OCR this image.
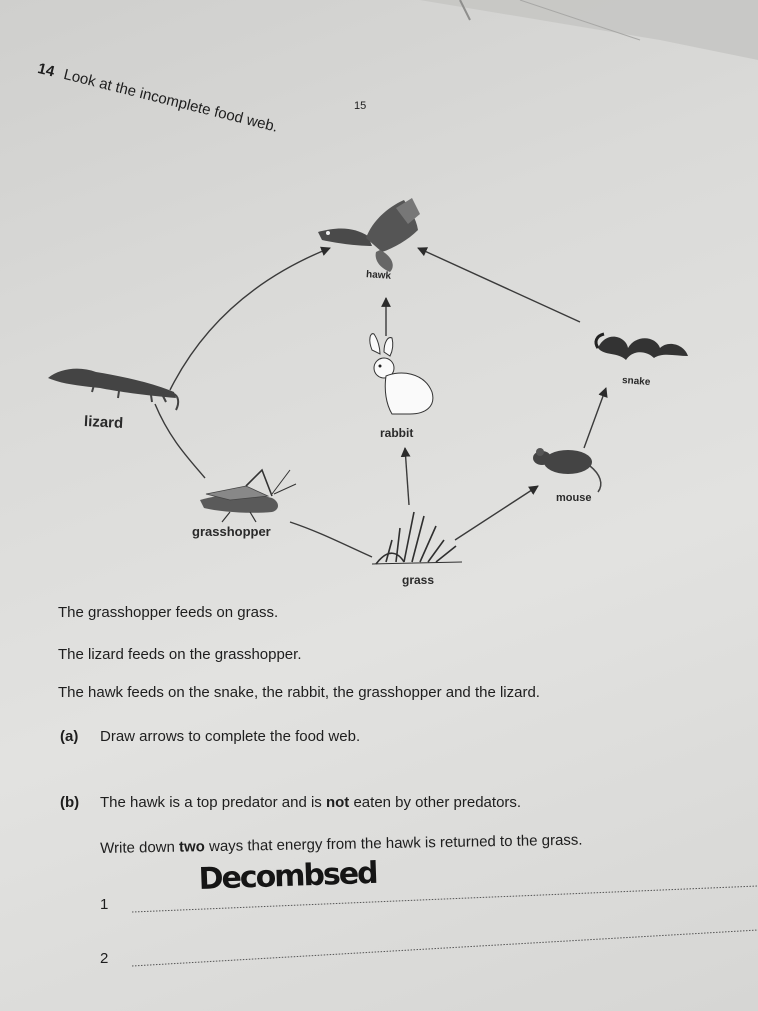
14 Look at the incomplete food web.	15
hawk
snake
rabbit
lizard
mouse
grasshopper
grass
The grasshopper feeds on grass.
The lizard feeds on the grasshopper.
The hawk feeds on the snake, the rabbit, the grasshopper and the lizard.
(a) Draw arrows to complete the food web.
(b) The hawk is a top predator and is not eaten by other predators.
Write down two ways that energy from the hawk is returned to the grass.
1
Decombsed
2
